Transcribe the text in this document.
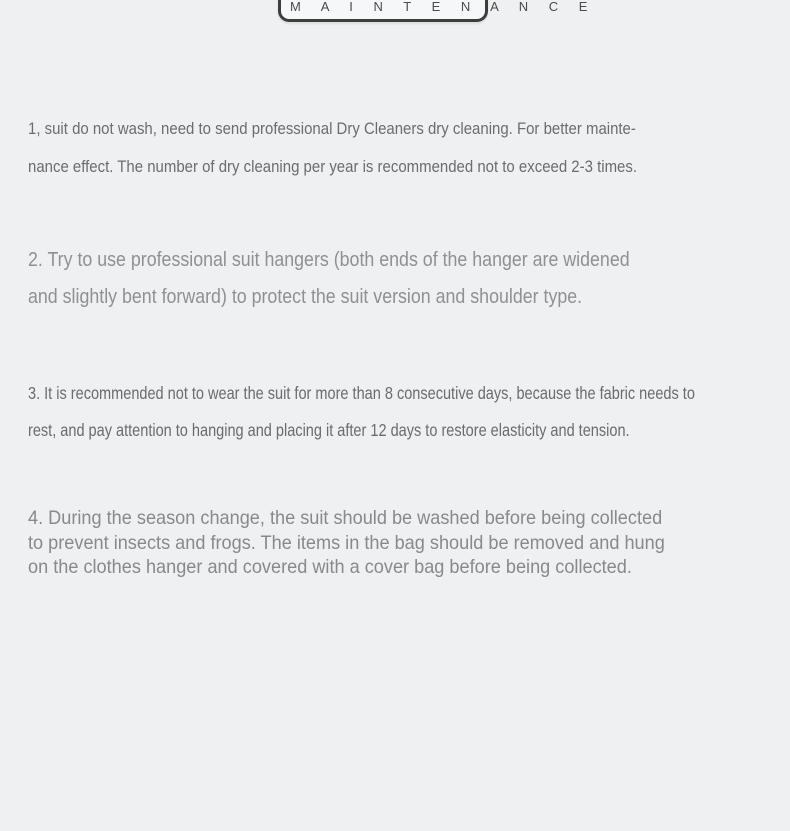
M A I N T E N A N C E
1, suit do not wash, need to send professional Dry Cleaners dry cleaning. For better mainte-
nance effect. The number of dry cleaning per year is recommended not to exceed 2-3 times.
2. Try to use professional suit hangers (both ends of the hanger are widened
and slightly bent forward) to protect the suit version and shoulder type.
3. It is recommended not to wear the suit for more than 8 consecutive days, because the fabric needs to
rest, and pay attention to hanging and placing it after 12 days to restore elasticity and tension.
4. During the season change, the suit should be washed before being collected
to prevent insects and frogs. The items in the bag should be removed and hung
on the clothes hanger and covered with a cover bag before being collected.
